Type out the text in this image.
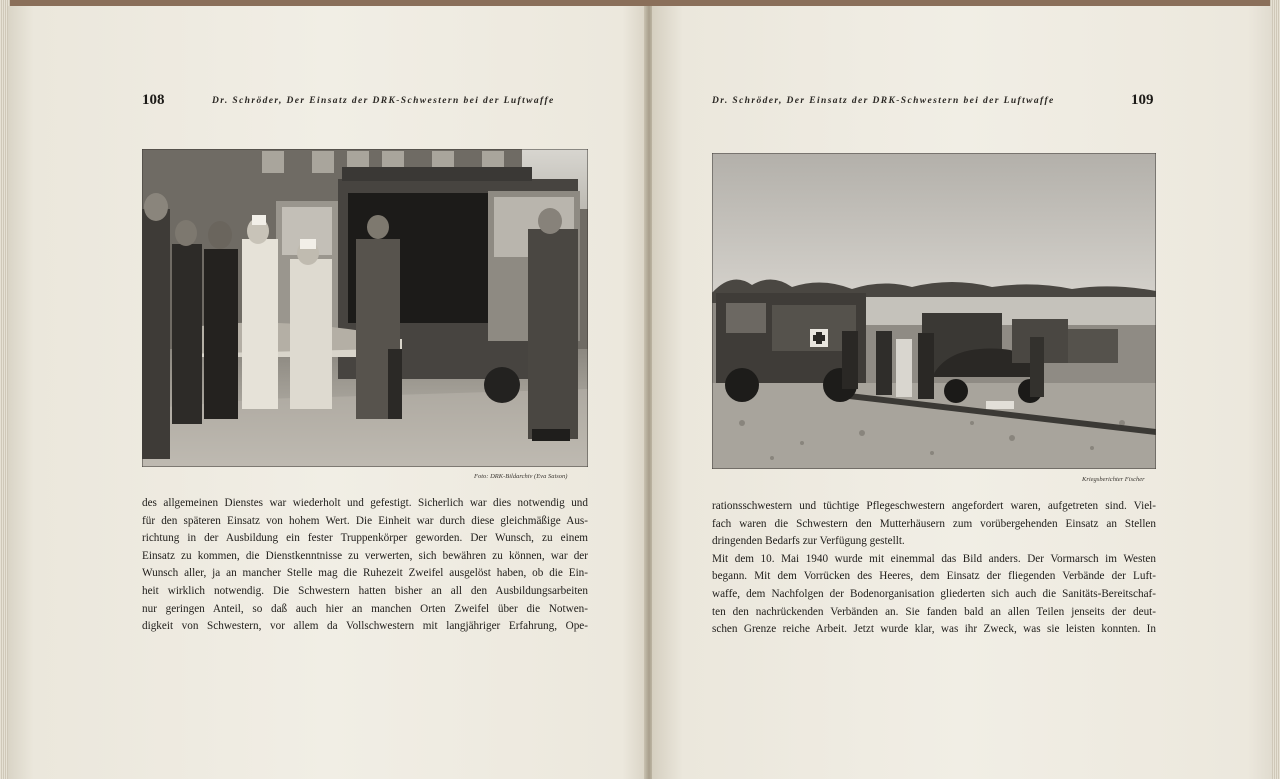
108	Dr. Schröder, Der Einsatz der DRK-Schwestern bei der Luftwaffe
Foto: DRK-Bildarchiv (Eva Saison)
des allgemeinen Dienstes war wiederholt und gefestigt. Sicherlich war dies notwendig und
für den späteren Einsatz von hohem Wert. Die Einheit war durch diese gleichmäßige Aus-
richtung in der Ausbildung ein fester Truppenkörper geworden. Der Wunsch, zu einem
Einsatz zu kommen, die Dienstkenntnisse zu verwerten, sich bewähren zu können, war der
Wunsch aller, ja an mancher Stelle mag die Ruhezeit Zweifel ausgelöst haben, ob die Ein-
heit wirklich notwendig. Die Schwestern hatten bisher an all den Ausbildungsarbeiten
nur geringen Anteil, so daß auch hier an manchen Orten Zweifel über die Notwen-
digkeit von Schwestern, vor allem da Vollschwestern mit langjähriger Erfahrung, Ope-
Dr. Schröder, Der Einsatz der DRK-Schwestern bei der Luftwaffe	109
Kriegsberichter Fischer
rationsschwestern und tüchtige Pflegeschwestern angefordert waren, aufgetreten sind. Viel-
fach waren die Schwestern den Mutterhäusern zum vorübergehenden Einsatz an Stellen
dringenden Bedarfs zur Verfügung gestellt.
Mit dem 10. Mai 1940 wurde mit einemmal das Bild anders. Der Vormarsch im Westen
begann. Mit dem Vorrücken des Heeres, dem Einsatz der fliegenden Verbände der Luft-
waffe, dem Nachfolgen der Bodenorganisation gliederten sich auch die Sanitäts-Bereitschaf-
ten den nachrückenden Verbänden an. Sie fanden bald an allen Teilen jenseits der deut-
schen Grenze reiche Arbeit. Jetzt wurde klar, was ihr Zweck, was sie leisten konnten. In
